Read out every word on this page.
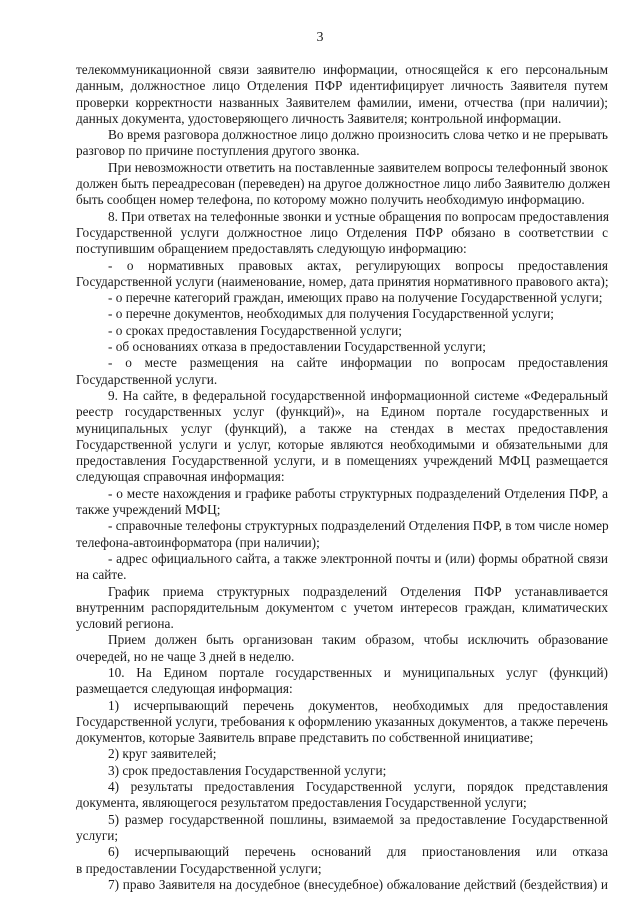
3
телекоммуникационной связи заявителю информации, относящейся к его персональным
данным, должностное лицо Отделения ПФР идентифицирует личность Заявителя путем
проверки корректности названных Заявителем фамилии, имени, отчества (при наличии);
данных документа, удостоверяющего личность Заявителя; контрольной информации.
Во время разговора должностное лицо должно произносить слова четко и не прерывать
разговор по причине поступления другого звонка.
При невозможности ответить на поставленные заявителем вопросы телефонный звонок
должен быть переадресован (переведен) на другое должностное лицо либо Заявителю должен
быть сообщен номер телефона, по которому можно получить необходимую информацию.
8. При ответах на телефонные звонки и устные обращения по вопросам предоставления
Государственной услуги должностное лицо Отделения ПФР обязано в соответствии с
поступившим обращением предоставлять следующую информацию:
- о нормативных правовых актах, регулирующих вопросы предоставления
Государственной услуги (наименование, номер, дата принятия нормативного правового акта);
- о перечне категорий граждан, имеющих право на получение Государственной услуги;
- о перечне документов, необходимых для получения Государственной услуги;
- о сроках предоставления Государственной услуги;
- об основаниях отказа в предоставлении Государственной услуги;
- о месте размещения на сайте информации по вопросам предоставления
Государственной услуги.
9. На сайте, в федеральной государственной информационной системе «Федеральный
реестр государственных услуг (функций)», на Едином портале государственных и
муниципальных услуг (функций), а также на стендах в местах предоставления
Государственной услуги и услуг, которые являются необходимыми и обязательными для
предоставления Государственной услуги, и в помещениях учреждений МФЦ размещается
следующая справочная информация:
- о месте нахождения и графике работы структурных подразделений Отделения ПФР, а
также учреждений МФЦ;
- справочные телефоны структурных подразделений Отделения ПФР, в том числе номер
телефона-автоинформатора (при наличии);
- адрес официального сайта, а также электронной почты и (или) формы обратной связи
на сайте.
График приема структурных подразделений Отделения ПФР устанавливается
внутренним распорядительным документом с учетом интересов граждан, климатических
условий региона.
Прием должен быть организован таким образом, чтобы исключить образование
очередей, но не чаще 3 дней в неделю.
10. На Едином портале государственных и муниципальных услуг (функций)
размещается следующая информация:
1) исчерпывающий перечень документов, необходимых для предоставления
Государственной услуги, требования к оформлению указанных документов, а также перечень
документов, которые Заявитель вправе представить по собственной инициативе;
2) круг заявителей;
3) срок предоставления Государственной услуги;
4) результаты предоставления Государственной услуги, порядок представления
документа, являющегося результатом предоставления Государственной услуги;
5) размер государственной пошлины, взимаемой за предоставление Государственной
услуги;
6) исчерпывающий перечень оснований для приостановления или отказа
в предоставлении Государственной услуги;
7) право Заявителя на досудебное (внесудебное) обжалование действий (бездействия) и
